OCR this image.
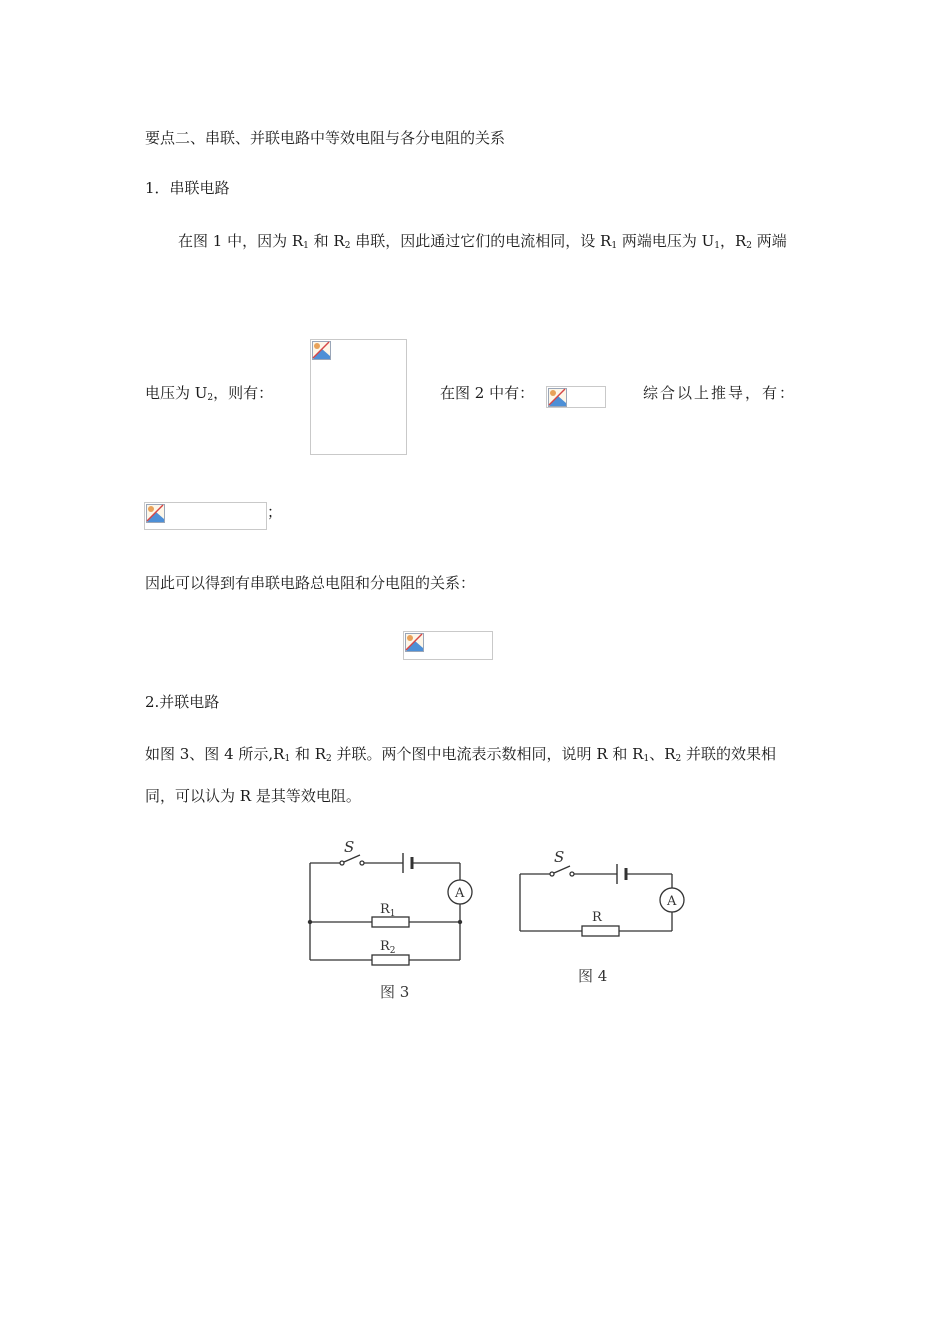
要点二、串联、并联电路中等效电阻与各分电阻的关系
1．串联电路
在图 1 中，因为 $R_1$ 和 $R_2$ 串联，因此通过它们的电流相同，设 $R_1$ 两端电压为 $U_1$，$R_2$ 两端
电压为 $U_2$，则有：	在图 2 中有：	综合以上推导，有：
；
因此可以得到有串联电路总电阻和分电阻的关系：
2.并联电路
如图 3、图 4 所示$,R_1$ 和 $R_2$ 并联。两个图中电流表示数相同，说明 R 和 $R_1$、$R_2$ 并联的效果相
同，可以认为 R 是其等效电阻。
S
A
$R_1$
$R_2$
图 3
S
A
R
图 4
